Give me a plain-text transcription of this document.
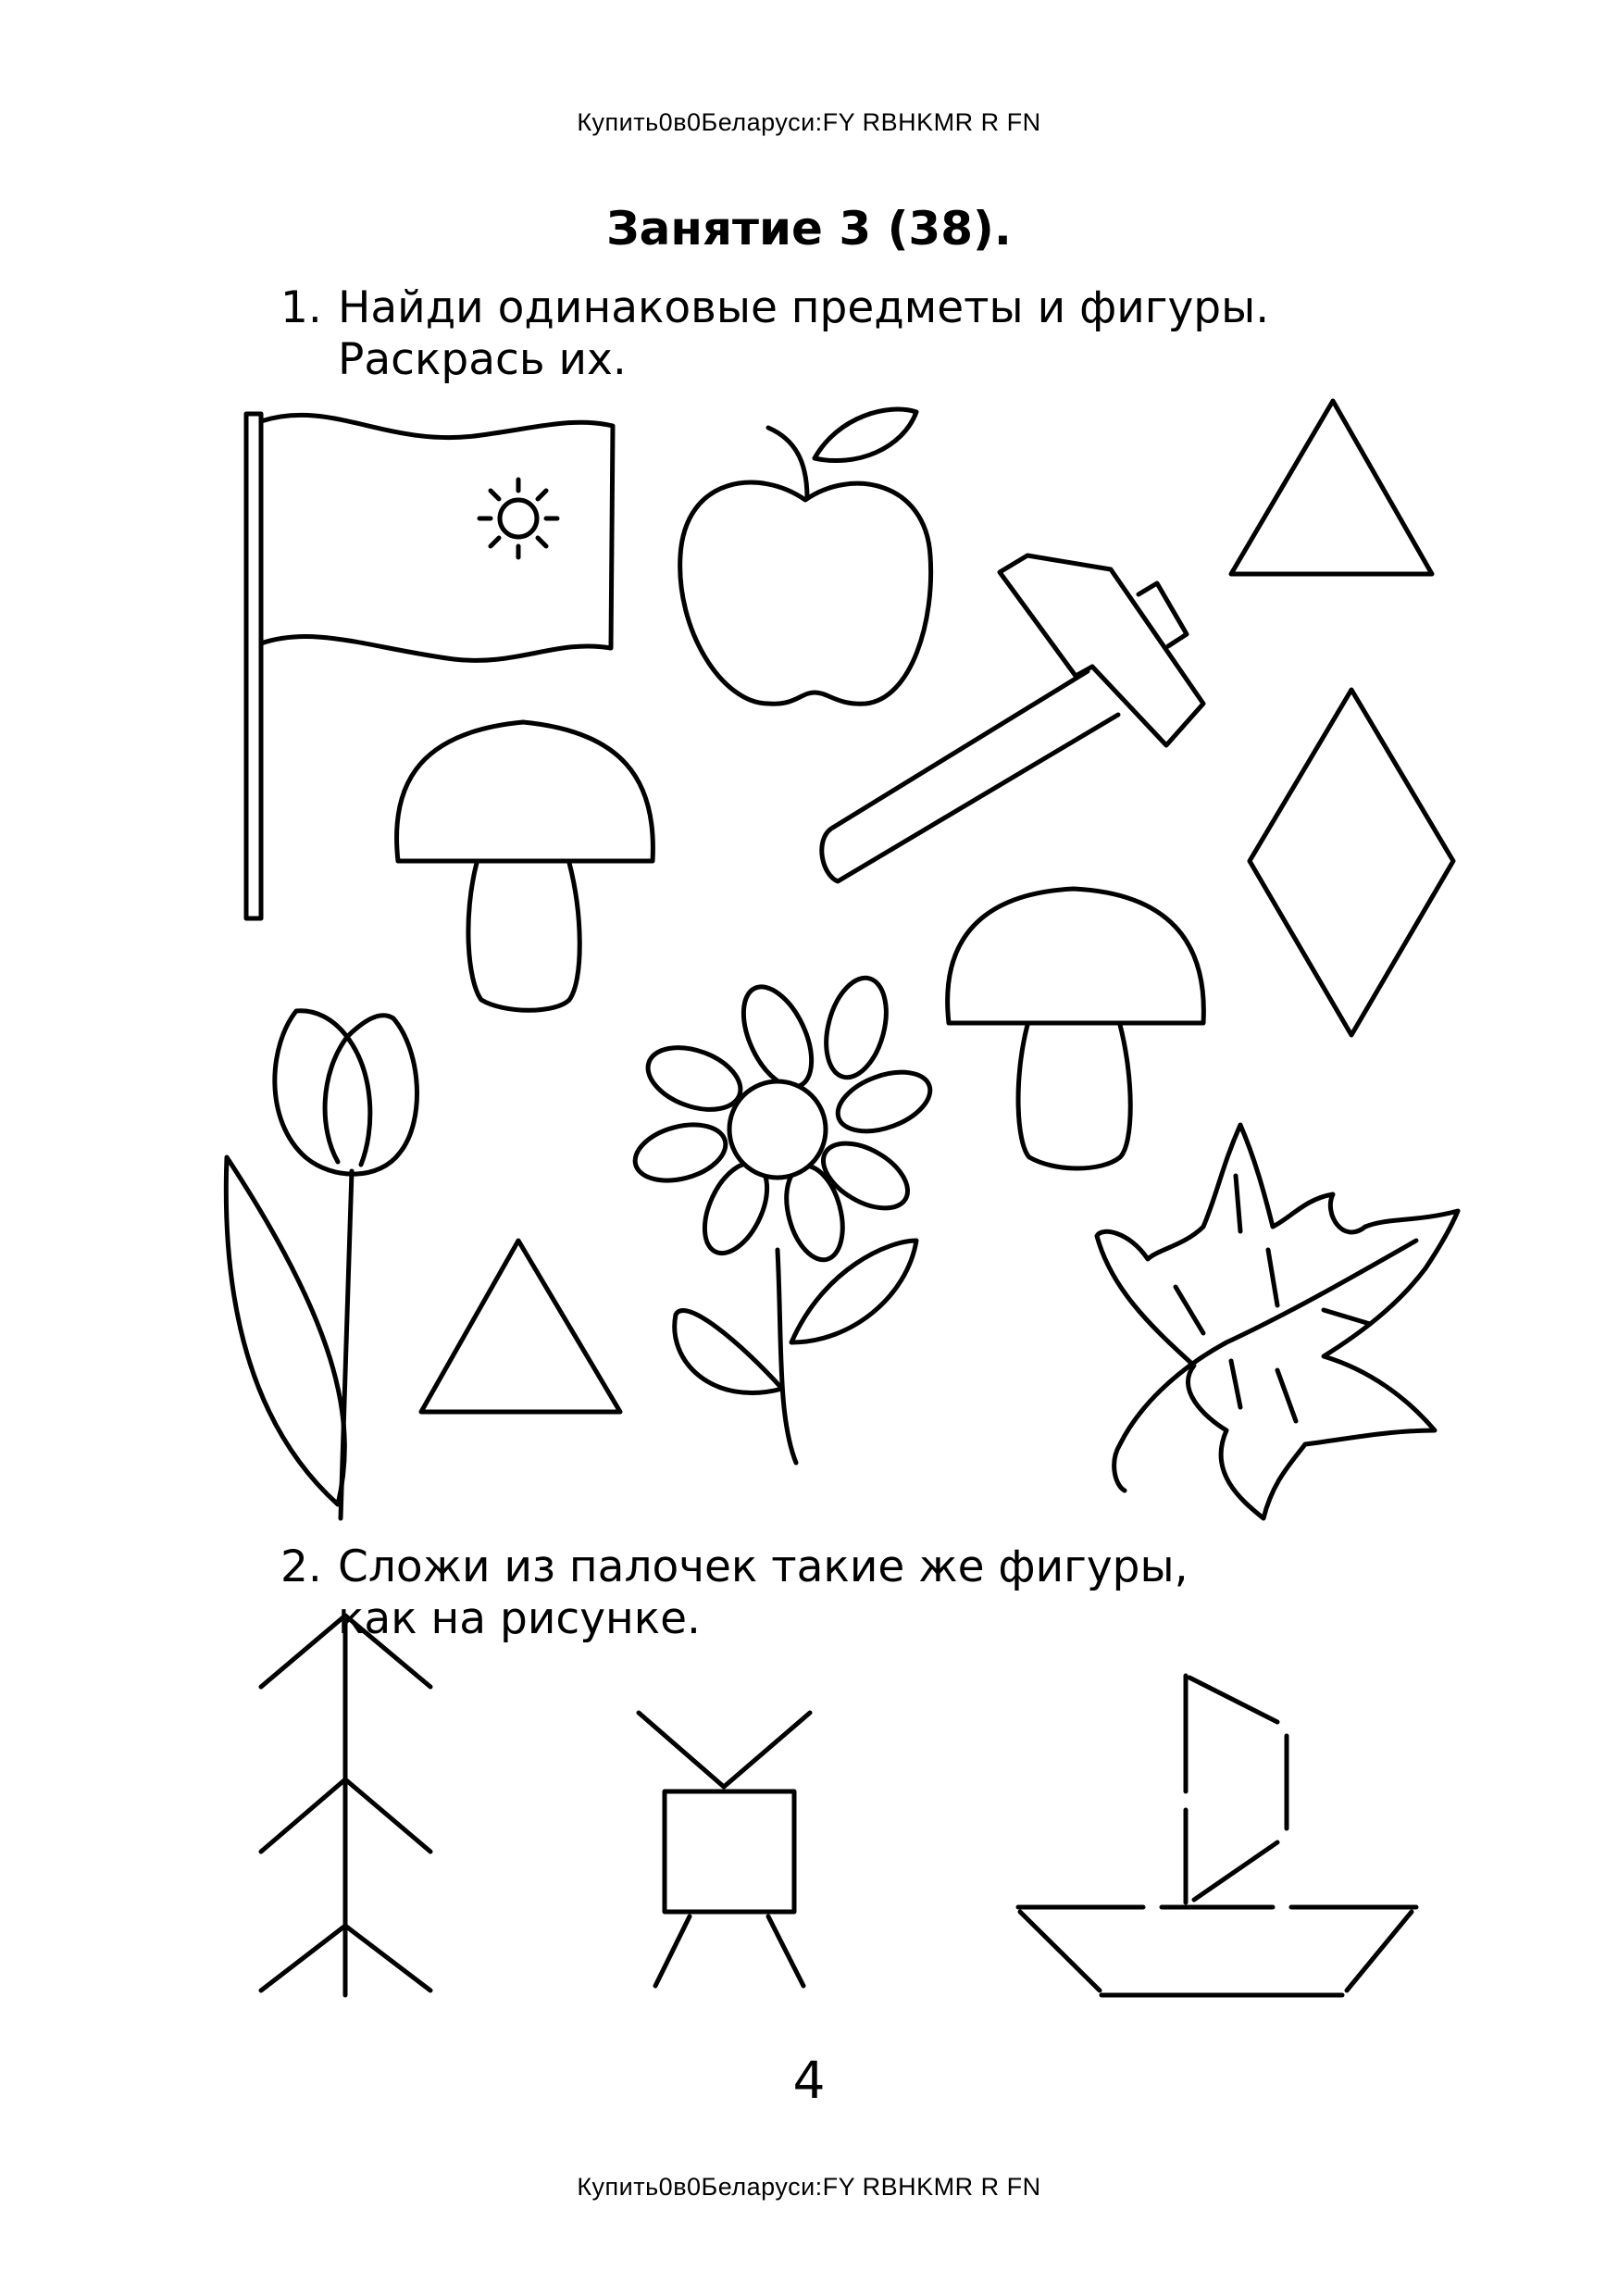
Купить0в0Беларуси:FY RBHKMR R FN
Занятие 3 (38).
1. Найди одинаковые предметы и фигуры.
Раскрась их.
2. Сложи из палочек такие же фигуры,
как на рисунке.
4
Купить0в0Беларуси:FY RBHKMR R FN
